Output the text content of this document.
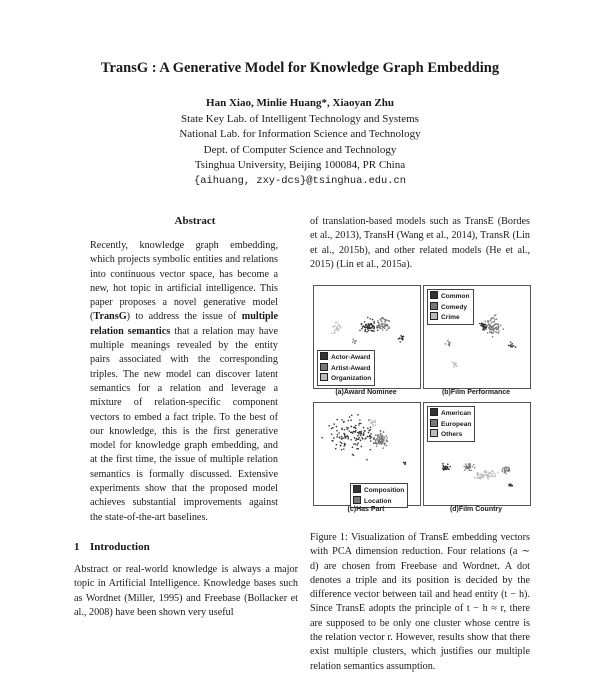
TransG : A Generative Model for Knowledge Graph Embedding
Han Xiao, Minlie Huang*, Xiaoyan Zhu
State Key Lab. of Intelligent Technology and Systems
National Lab. for Information Science and Technology
Dept. of Computer Science and Technology
Tsinghua University, Beijing 100084, PR China
{aihuang, zxy-dcs}@tsinghua.edu.cn
Abstract
Recently, knowledge graph embedding, which projects symbolic entities and relations into continuous vector space, has become a new, hot topic in artificial intelligence. This paper proposes a novel generative model (TransG) to address the issue of multiple relation semantics that a relation may have multiple meanings revealed by the entity pairs associated with the corresponding triples. The new model can discover latent semantics for a relation and leverage a mixture of relation-specific component vectors to embed a fact triple. To the best of our knowledge, this is the first generative model for knowledge graph embedding, and at the first time, the issue of multiple relation semantics is formally discussed. Extensive experiments show that the proposed model achieves substantial improvements against the state-of-the-art baselines.
1 Introduction
Abstract or real-world knowledge is always a major topic in Artificial Intelligence. Knowledge bases such as Wordnet (Miller, 1995) and Freebase (Bollacker et al., 2008) have been shown very useful
of translation-based models such as TransE (Bordes et al., 2013), TransH (Wang et al., 2014), TransR (Lin et al., 2015b), and other related models (He et al., 2015) (Lin et al., 2015a).
Actor-Award
Artist-Award
Organization
(a)Award Nominee
Common
Comedy
Crime
(b)Film Performance
Composition
Location
(c)Has Part
American
European
Others
(d)Film Country
Figure 1: Visualization of TransE embedding vectors with PCA dimension reduction. Four relations (a ∼ d) are chosen from Freebase and Wordnet. A dot denotes a triple and its position is decided by the difference vector between tail and head entity (t − h). Since TransE adopts the principle of t − h ≈ r, there are supposed to be only one cluster whose centre is the relation vector r. However, results show that there exist multiple clusters, which justifies our multiple relation semantics assumption.
